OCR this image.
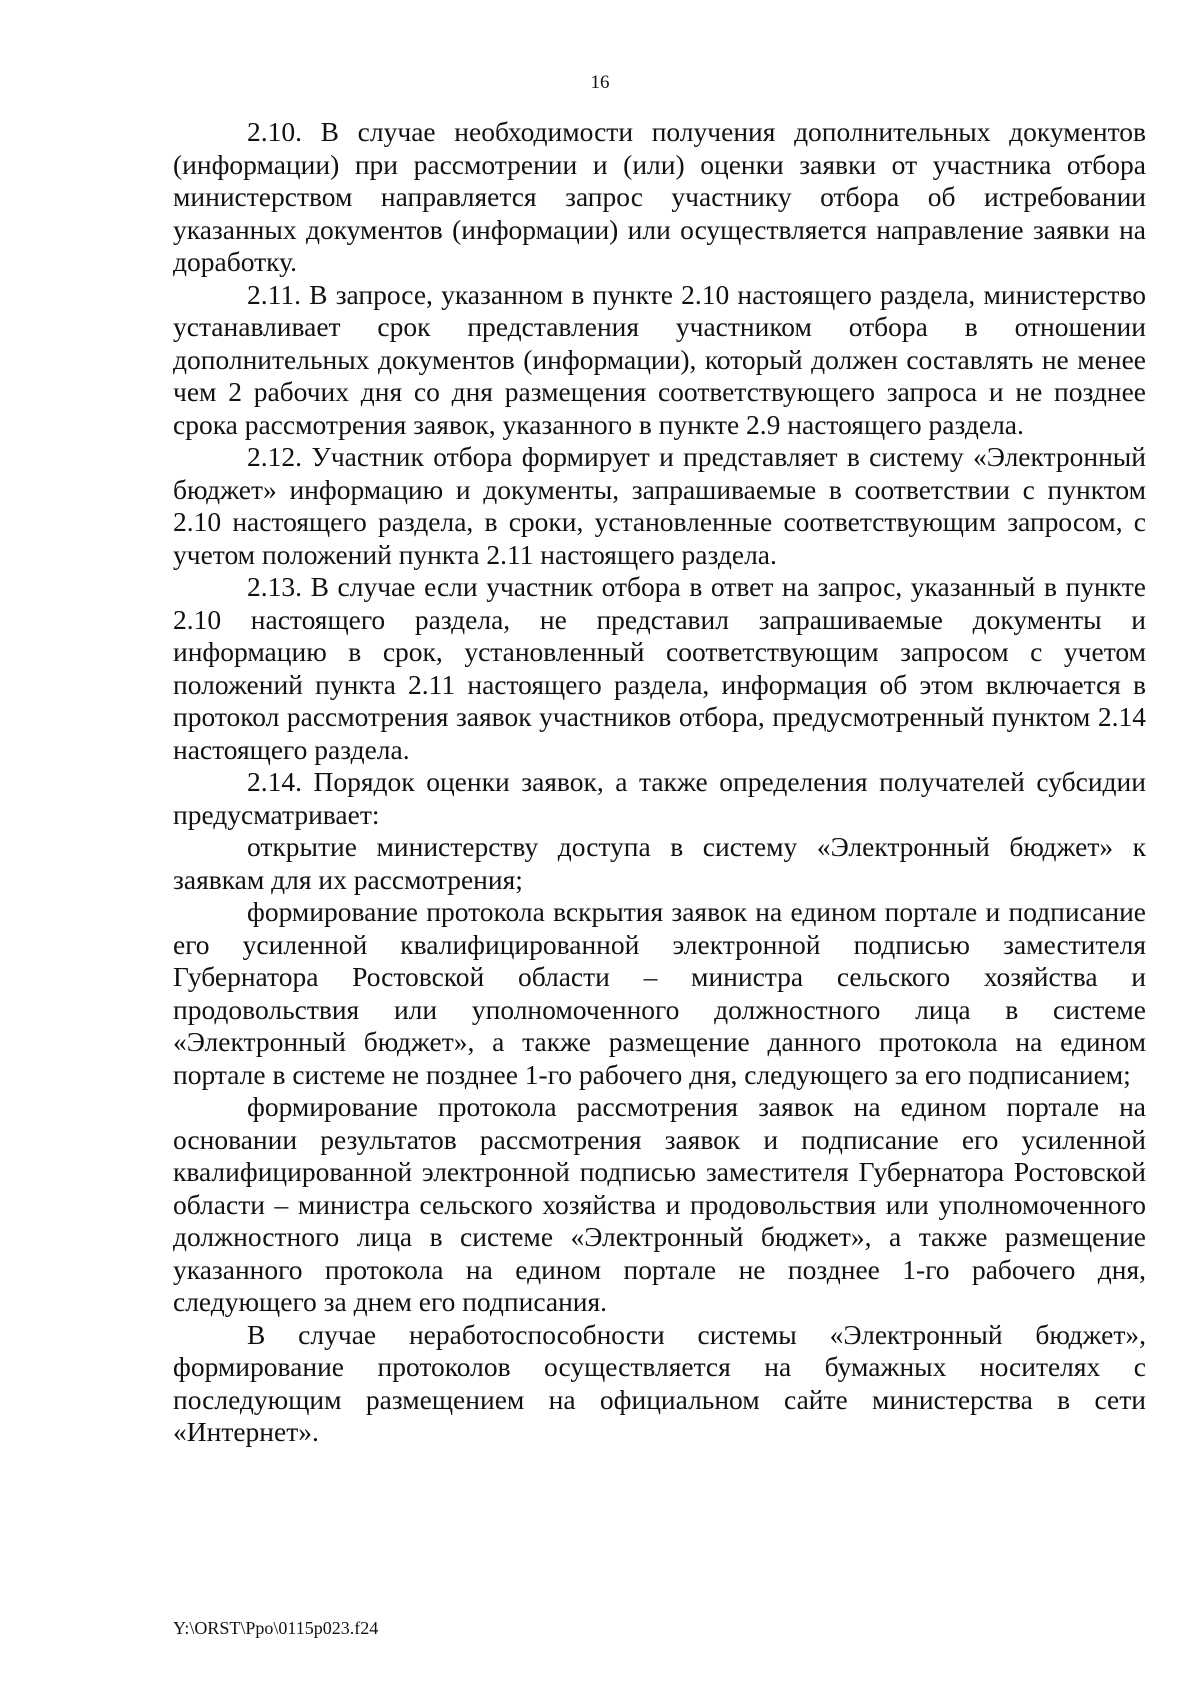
16

2.10. В случае необходимости получения дополнительных документов (информации) при рассмотрении и (или) оценки заявки от участника отбора министерством направляется запрос участнику отбора об истребовании указанных документов (информации) или осуществляется направление заявки на доработку.

2.11. В запросе, указанном в пункте 2.10 настоящего раздела, министерство устанавливает срок представления участником отбора в отношении дополнительных документов (информации), который должен составлять не менее чем 2 рабочих дня со дня размещения соответствующего запроса и не позднее срока рассмотрения заявок, указанного в пункте 2.9 настоящего раздела.

2.12. Участник отбора формирует и представляет в систему «Электронный бюджет» информацию и документы, запрашиваемые в соответствии с пунктом 2.10 настоящего раздела, в сроки, установленные соответствующим запросом, с учетом положений пункта 2.11 настоящего раздела.

2.13. В случае если участник отбора в ответ на запрос, указанный в пункте 2.10 настоящего раздела, не представил запрашиваемые документы и информацию в срок, установленный соответствующим запросом с учетом положений пункта 2.11 настоящего раздела, информация об этом включается в протокол рассмотрения заявок участников отбора, предусмотренный пунктом 2.14 настоящего раздела.

2.14. Порядок оценки заявок, а также определения получателей субсидии предусматривает:

открытие министерству доступа в систему «Электронный бюджет» к заявкам для их рассмотрения;

формирование протокола вскрытия заявок на едином портале и подписание его усиленной квалифицированной электронной подписью заместителя Губернатора Ростовской области – министра сельского хозяйства и продовольствия или уполномоченного должностного лица в системе «Электронный бюджет», а также размещение данного протокола на едином портале в системе не позднее 1-го рабочего дня, следующего за его подписанием;

формирование протокола рассмотрения заявок на едином портале на основании результатов рассмотрения заявок и подписание его усиленной квалифицированной электронной подписью заместителя Губернатора Ростовской области – министра сельского хозяйства и продовольствия или уполномоченного должностного лица в системе «Электронный бюджет», а также размещение указанного протокола на едином портале не позднее 1-го рабочего дня, следующего за днем его подписания.

В случае неработоспособности системы «Электронный бюджет», формирование протоколов осуществляется на бумажных носителях с последующим размещением на официальном сайте министерства в сети «Интернет».

Y:\ORST\Ppo\0115p023.f24
